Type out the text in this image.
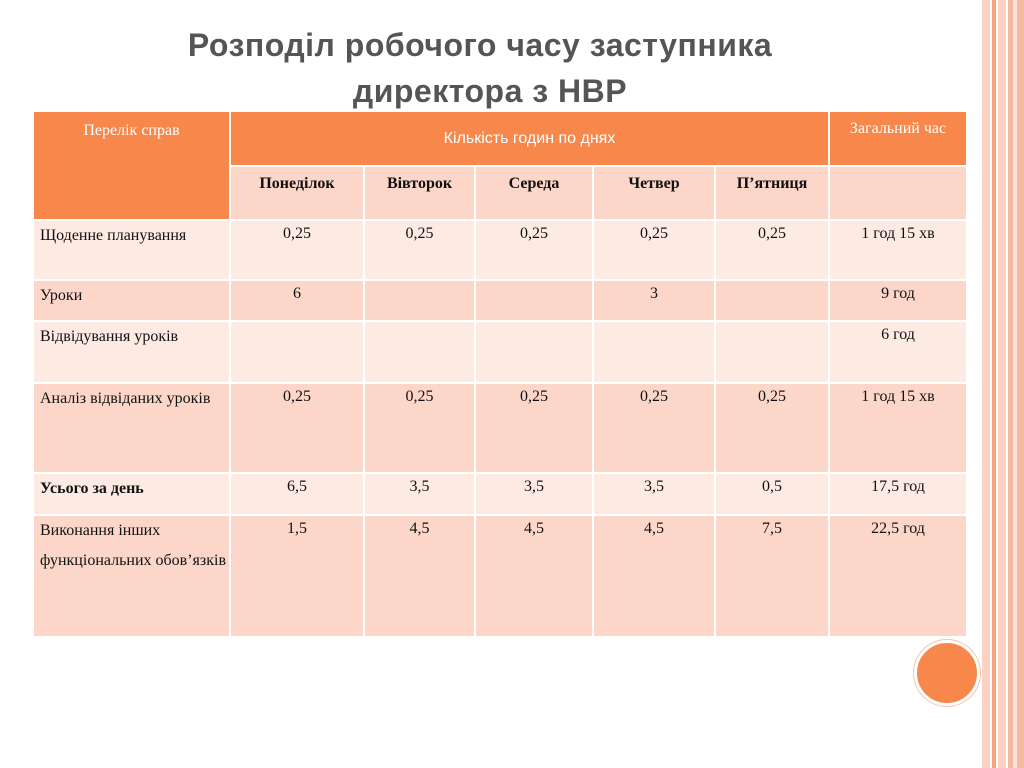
Розподіл робочого часу заступника
директора з НВР
Перелік справ	Кількість годин по днях					Загальний час
	Понеділок	Вівторок	Середа	Четвер	П’ятниця	
Щоденне планування	0,25	0,25	0,25	0,25	0,25	1 год 15 хв
Уроки	6			3		9 год
Відвідування уроків						6 год
Аналіз відвіданих уроків	0,25	0,25	0,25	0,25	0,25	1 год 15 хв
Усього за день	6,5	3,5	3,5	3,5	0,5	17,5 год
Виконання інших функціональних обов’язків	1,5	4,5	4,5	4,5	7,5	22,5 год
